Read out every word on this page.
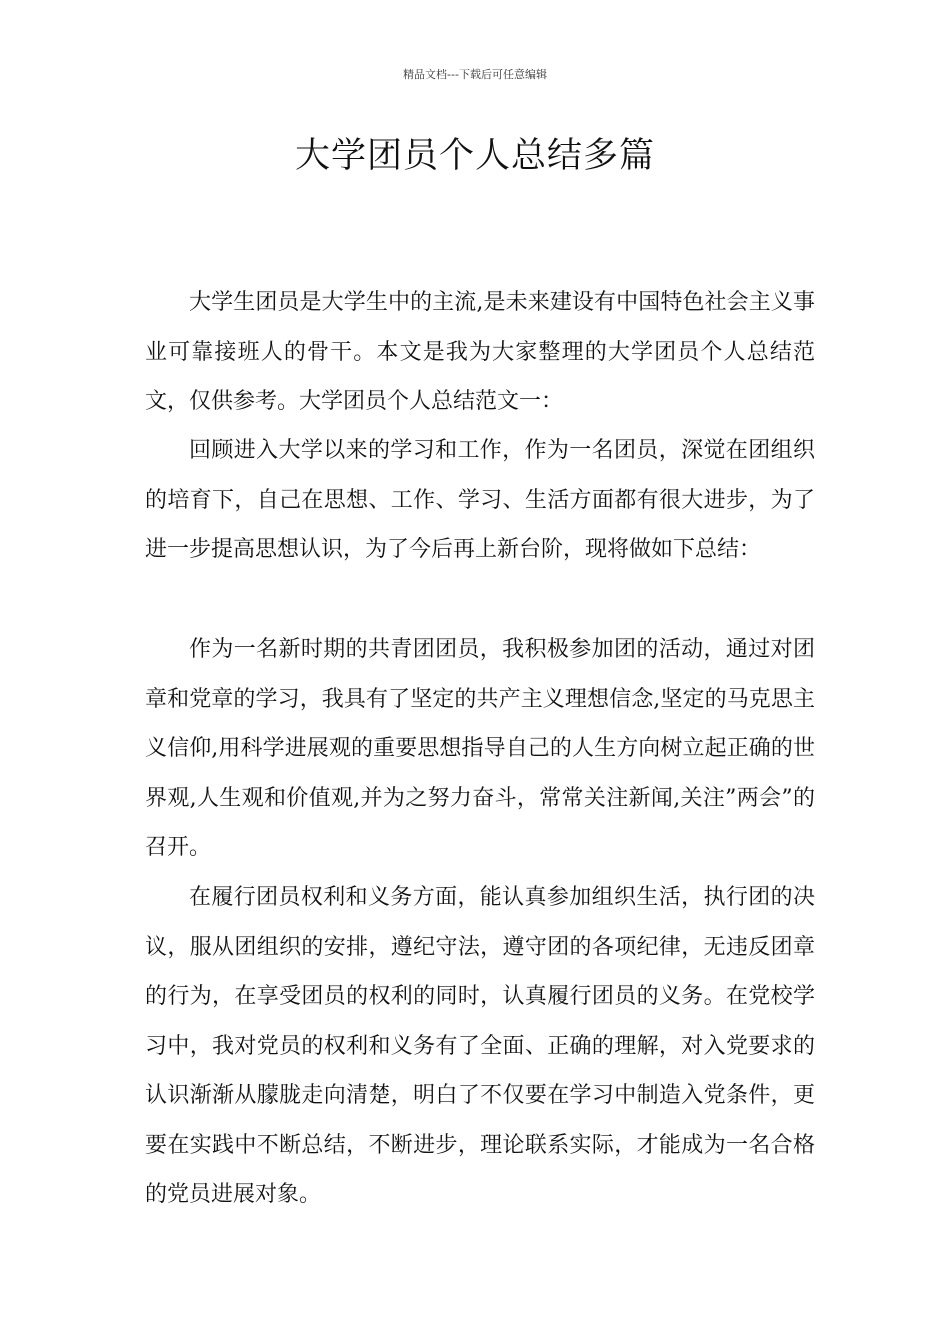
精品文档---下载后可任意编辑
大学团员个人总结多篇

大学生团员是大学生中的主流,是未来建设有中国特色社会主义事业可靠接班人的骨干。本文是我为大家整理的大学团员个人总结范文，仅供参考。大学团员个人总结范文一：

回顾进入大学以来的学习和工作，作为一名团员，深觉在团组织的培育下，自己在思想、工作、学习、生活方面都有很大进步，为了进一步提高思想认识，为了今后再上新台阶，现将做如下总结：

作为一名新时期的共青团团员，我积极参加团的活动，通过对团章和党章的学习，我具有了坚定的共产主义理想信念,坚定的马克思主义信仰,用科学进展观的重要思想指导自己的人生方向树立起正确的世界观,人生观和价值观,并为之努力奋斗，常常关注新闻,关注”两会”的召开。

在履行团员权利和义务方面，能认真参加组织生活，执行团的决议，服从团组织的安排，遵纪守法，遵守团的各项纪律，无违反团章的行为，在享受团员的权利的同时，认真履行团员的义务。在党校学习中，我对党员的权利和义务有了全面、正确的理解，对入党要求的认识渐渐从朦胧走向清楚，明白了不仅要在学习中制造入党条件，更要在实践中不断总结，不断进步，理论联系实际，才能成为一名合格的党员进展对象。
